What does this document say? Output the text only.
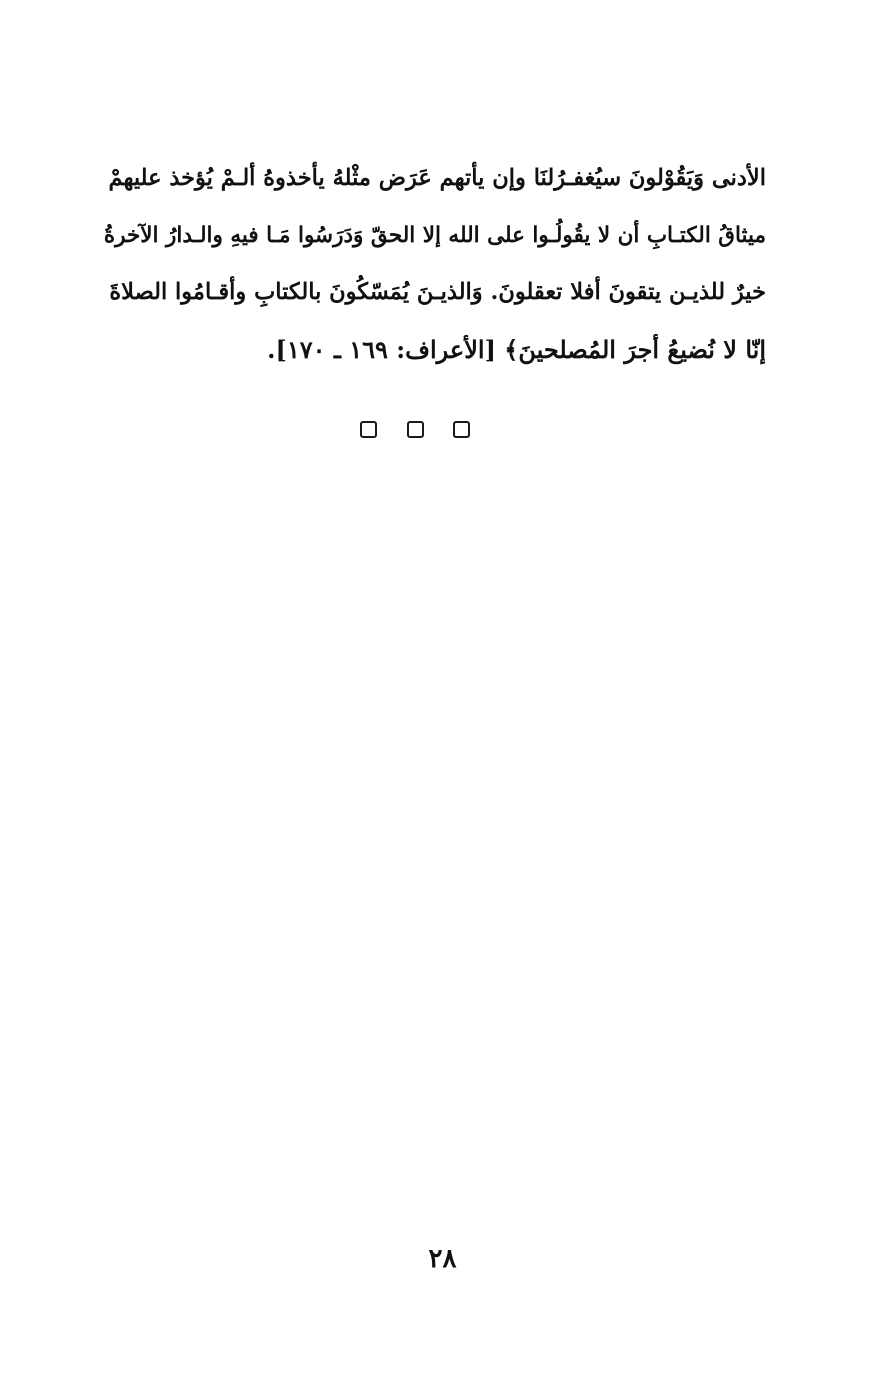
الأدنى وَيَقُوْلونَ سيُغفـرُلنَا وإن يأتهم عَرَض مثْلهُ يأخذوهُ ألـمْ يُؤخذ عليهمْ
ميثاقُ الكتـابِ أن لا يقُولُـوا على الله إلا الحقّ وَدَرَسُوا مَـا فيهِ والـدارُ الآخرةُ
خيرٌ للذيـن يتقونَ أفلا تعقلونَ. وَالذيـنَ يُمَسّكُونَ بالكتابِ وأقـامُوا الصلاةَ
إنّا لا نُضيعُ أجرَ المُصلحينَ﴾ [الأعراف: ١٦٩ ـ ١٧٠].
٢٨
